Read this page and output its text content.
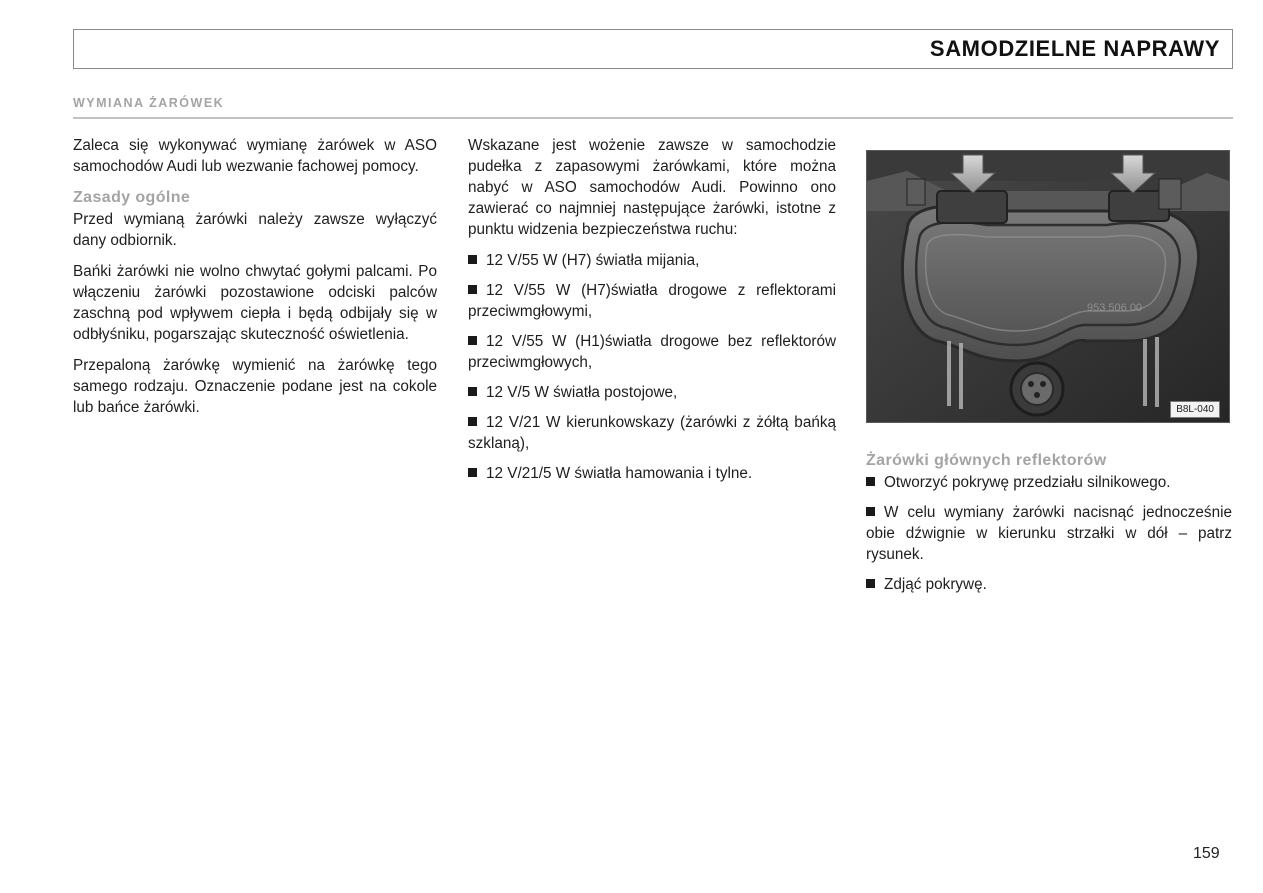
SAMODZIELNE NAPRAWY
WYMIANA ŻARÓWEK

Zaleca się wykonywać wymianę żarówek w ASO samochodów Audi lub wezwanie fachowej pomocy.

Zasady ogólne

Przed wymianą żarówki należy zawsze wyłączyć dany odbiornik.

Bańki żarówki nie wolno chwytać gołymi palcami. Po włączeniu żarówki pozostawione odciski palców zaschną pod wpływem ciepła i będą odbijały się w odbłyśniku, pogarszając skuteczność oświetlenia.

Przepaloną żarówkę wymienić na żarówkę tego samego rodzaju. Oznaczenie podane jest na cokole lub bańce żarówki.

Wskazane jest wożenie zawsze w samochodzie pudełka z zapasowymi żarówkami, które można nabyć w ASO samochodów Audi. Powinno ono zawierać co najmniej następujące żarówki, istotne z punktu widzenia bezpieczeństwa ruchu:

12 V/55 W (H7) światła mijania,
12 V/55 W (H7)światła drogowe z reflektorami przeciwmgłowymi,
12 V/55 W (H1)światła drogowe bez reflektorów przeciwmgłowych,
12 V/5 W światła postojowe,
12 V/21 W kierunkowskazy (żarówki z żółtą bańką szklaną),
12 V/21/5 W światła hamowania i tylne.
953 506 00
B8L-040
Żarówki głównych reflektorów
Otworzyć pokrywę przedziału silnikowego.
W celu wymiany żarówki nacisnąć jednocześnie obie dźwignie w kierunku strzałki w dół – patrz rysunek.
Zdjąć pokrywę.
159
